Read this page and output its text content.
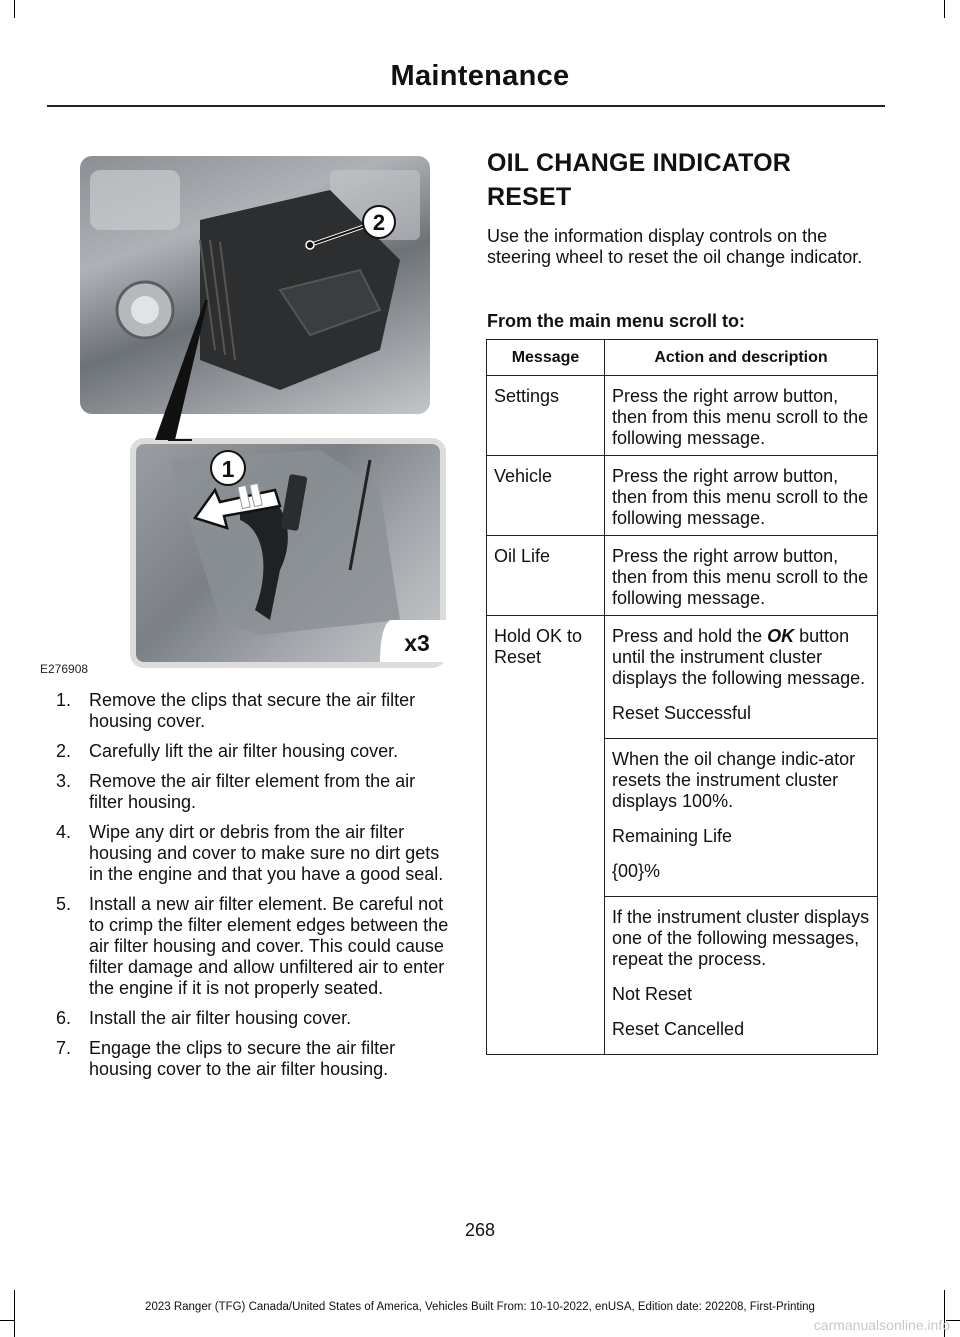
Maintenance
2
1
x3
E276908
1. Remove the clips that secure the air filter housing cover.
2. Carefully lift the air filter housing cover.
3. Remove the air filter element from the air filter housing.
4. Wipe any dirt or debris from the air filter housing and cover to make sure no dirt gets in the engine and that you have a good seal.
5. Install a new air filter element. Be careful not to crimp the filter element edges between the air filter housing and cover. This could cause filter damage and allow unfiltered air to enter the engine if it is not properly seated.
6. Install the air filter housing cover.
7. Engage the clips to secure the air filter housing cover to the air filter housing.
OIL CHANGE INDICATOR RESET
Use the information display controls on the steering wheel to reset the oil change indicator.
From the main menu scroll to:
Message	Action and description
Settings	Press the right arrow button, then from this menu scroll to the following message.
Vehicle	Press the right arrow button, then from this menu scroll to the following message.
Oil Life	Press the right arrow button, then from this menu scroll to the following message.
Hold OK to Reset	Press and hold the OK button until the instrument cluster displays the following message.

Reset Successful

	When the oil change indic-ator resets the instrument cluster displays 100%.

Remaining Life

{00}%

	If the instrument cluster displays one of the following messages, repeat the process.

Not Reset

Reset Cancelled

268
2023 Ranger (TFG) Canada/United States of America, Vehicles Built From: 10-10-2022, enUSA, Edition date: 202208, First-Printing
carmanualsonline.info
